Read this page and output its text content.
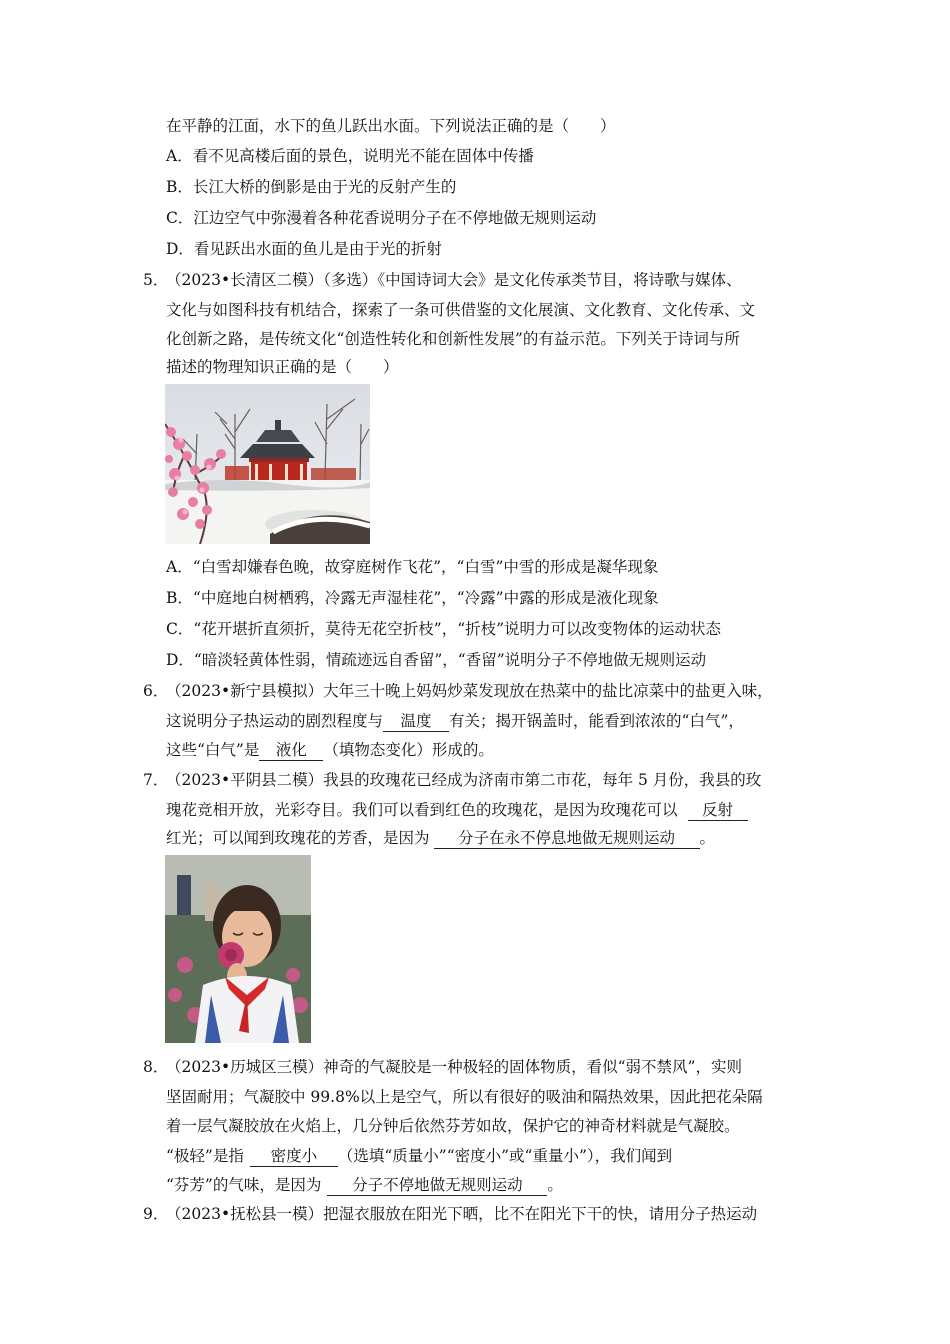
在平静的江面，水下的鱼儿跃出水面。下列说法正确的是（　　）
A．看不见高楼后面的景色，说明光不能在固体中传播
B．长江大桥的倒影是由于光的反射产生的
C．江边空气中弥漫着各种花香说明分子在不停地做无规则运动
D．看见跃出水面的鱼儿是由于光的折射
5．
（2023•长清区二模）（多选）《中国诗词大会》是文化传承类节目，将诗歌与媒体、
文化与如图科技有机结合，探索了一条可供借鉴的文化展演、文化教育、文化传承、文
化创新之路，是传统文化“创造性转化和创新性发展”的有益示范。下列关于诗词与所
描述的物理知识正确的是（　　）
A．“白雪却嫌春色晚，故穿庭树作飞花”，“白雪”中雪的形成是凝华现象
B．“中庭地白树栖鸦，冷露无声湿桂花”，“冷露”中露的形成是液化现象
C．“花开堪折直须折，莫待无花空折枝”，“折枝”说明力可以改变物体的运动状态
D．“暗淡轻黄体性弱，情疏迹远自香留”，“香留”说明分子不停地做无规则运动
6．
（2023•新宁县模拟）大年三十晚上妈妈炒菜发现放在热菜中的盐比凉菜中的盐更入味，
这说明分子热运动的剧烈程度与 温度 有关；揭开锅盖时，能看到浓浓的“白气”，
这些“白气”是 液化 （填物态变化）形成的。
7．
（2023•平阴县二模）我县的玫瑰花已经成为济南市第二市花，每年 5 月份，我县的玫
瑰花竞相开放，光彩夺目。我们可以看到红色的玫瑰花，是因为玫瑰花可以 反射
红光；可以闻到玫瑰花的芳香，是因为 分子在永不停息地做无规则运动 。
8．
（2023•历城区三模）神奇的气凝胶是一种极轻的固体物质，看似“弱不禁风”，实则
坚固耐用；气凝胶中 99.8%以上是空气，所以有很好的吸油和隔热效果，因此把花朵隔
着一层气凝胶放在火焰上，几分钟后依然芬芳如故，保护它的神奇材料就是气凝胶。
“极轻”是指 密度小 （选填“质量小”“密度小”或“重量小”），我们闻到
“芬芳”的气味，是因为 分子不停地做无规则运动 。
9．
（2023•抚松县一模）把湿衣服放在阳光下晒，比不在阳光下干的快，请用分子热运动
